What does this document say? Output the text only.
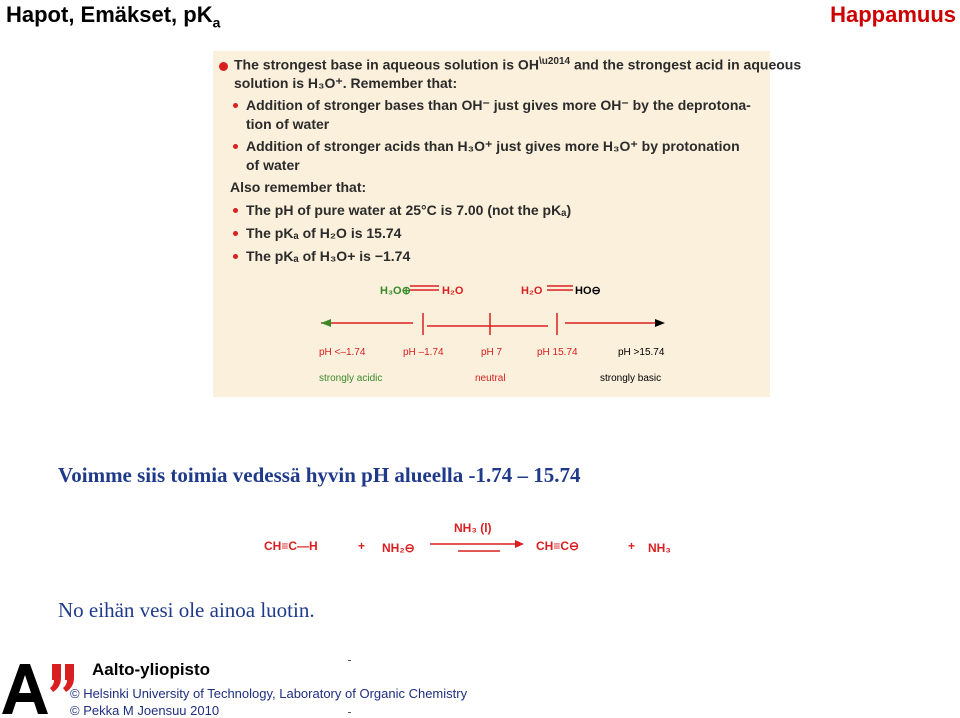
Hapot, Emäkset, $pK_a$	Happamuus
The strongest base in aqueous solution is $OH^{\backslash u2014}$ and the strongest acid in aqueous
solution is H₃O⁺. Remember that:
Addition of stronger bases than OH⁻ just gives more OH⁻ by the deprotona-
tion of water
Addition of stronger acids than H₃O⁺ just gives more H₃O⁺ by protonation
of water
Also remember that:
The pH of pure water at 25°C is 7.00 (not the pKₐ)
The pKₐ of H₂O is 15.74
The pKₐ of H₃O+ is −1.74
H₃O⊕	H₂O	H₂O	HO⊖
pH <–1.74	pH –1.74	pH 7	pH 15.74	pH >15.74
strongly acidic	neutral	strongly basic
Voimme siis toimia vedessä hyvin pH alueella -1.74 – 15.74
CH≡C—H	+ NH₂⊖
NH₃ (l)
CH≡C⊖	+ NH₃
No eihän vesi ole ainoa luotin.
Aalto-yliopisto
© Helsinki University of Technology, Laboratory of Organic Chemistry
© Pekka M Joensuu 2010
